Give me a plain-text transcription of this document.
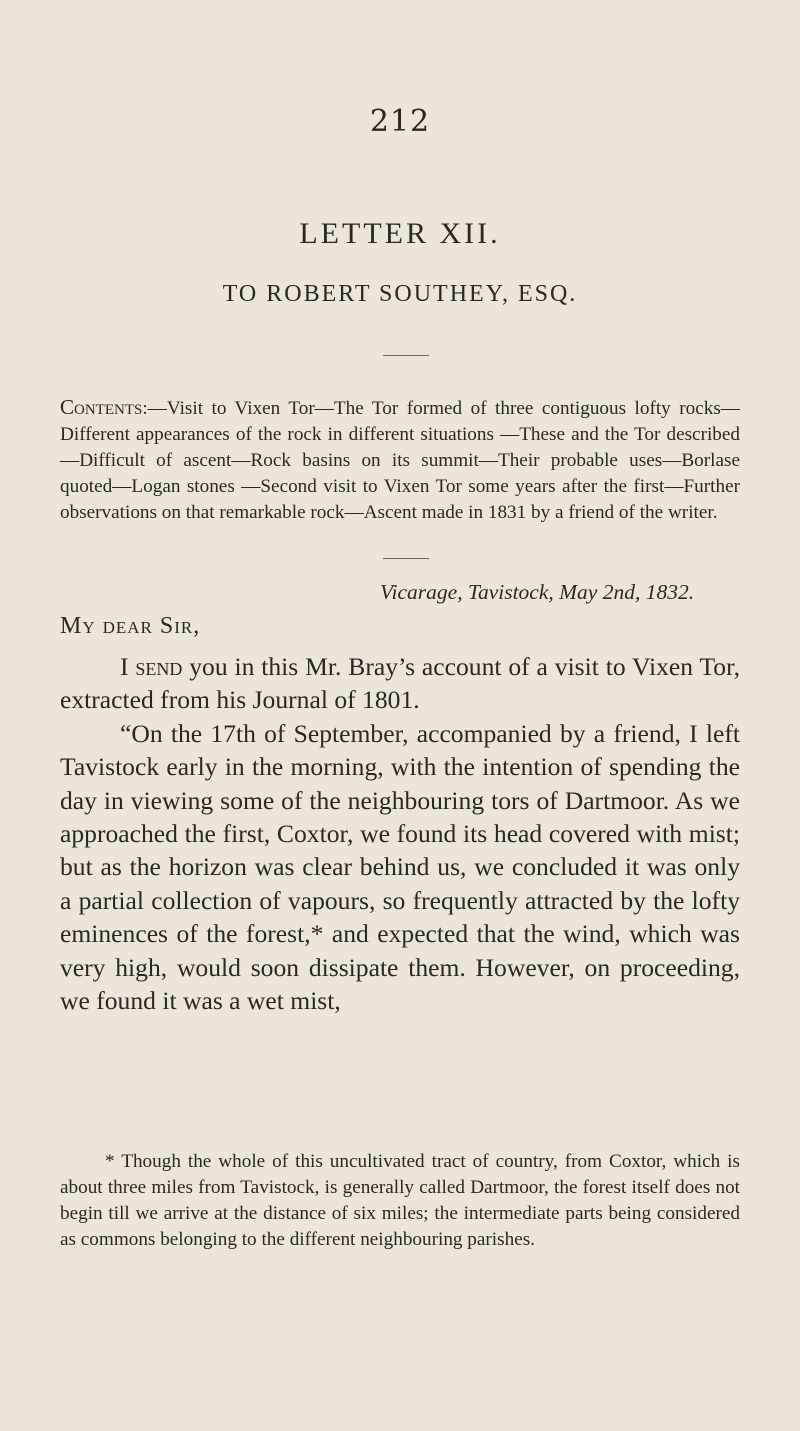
212
LETTER XII.
TO ROBERT SOUTHEY, ESQ.
Contents:—Visit to Vixen Tor—The Tor formed of three contiguous lofty rocks—Different appearances of the rock in different situations —These and the Tor described—Difficult of ascent—Rock basins on its summit—Their probable uses—Borlase quoted—Logan stones —Second visit to Vixen Tor some years after the first—Further observations on that remarkable rock—Ascent made in 1831 by a friend of the writer.
Vicarage, Tavistock, May 2nd, 1832.
My dear Sir,

I send you in this Mr. Bray’s account of a visit to Vixen Tor, extracted from his Journal of 1801.

“On the 17th of September, accompanied by a friend, I left Tavistock early in the morning, with the intention of spending the day in viewing some of the neighbouring tors of Dartmoor. As we approached the first, Coxtor, we found its head covered with mist; but as the horizon was clear behind us, we concluded it was only a partial collection of vapours, so frequently attracted by the lofty eminences of the forest,* and expected that the wind, which was very high, would soon dissipate them. However, on proceeding, we found it was a wet mist,

* Though the whole of this uncultivated tract of country, from Coxtor, which is about three miles from Tavistock, is generally called Dartmoor, the forest itself does not begin till we arrive at the distance of six miles; the intermediate parts being considered as commons belonging to the different neighbouring parishes.
